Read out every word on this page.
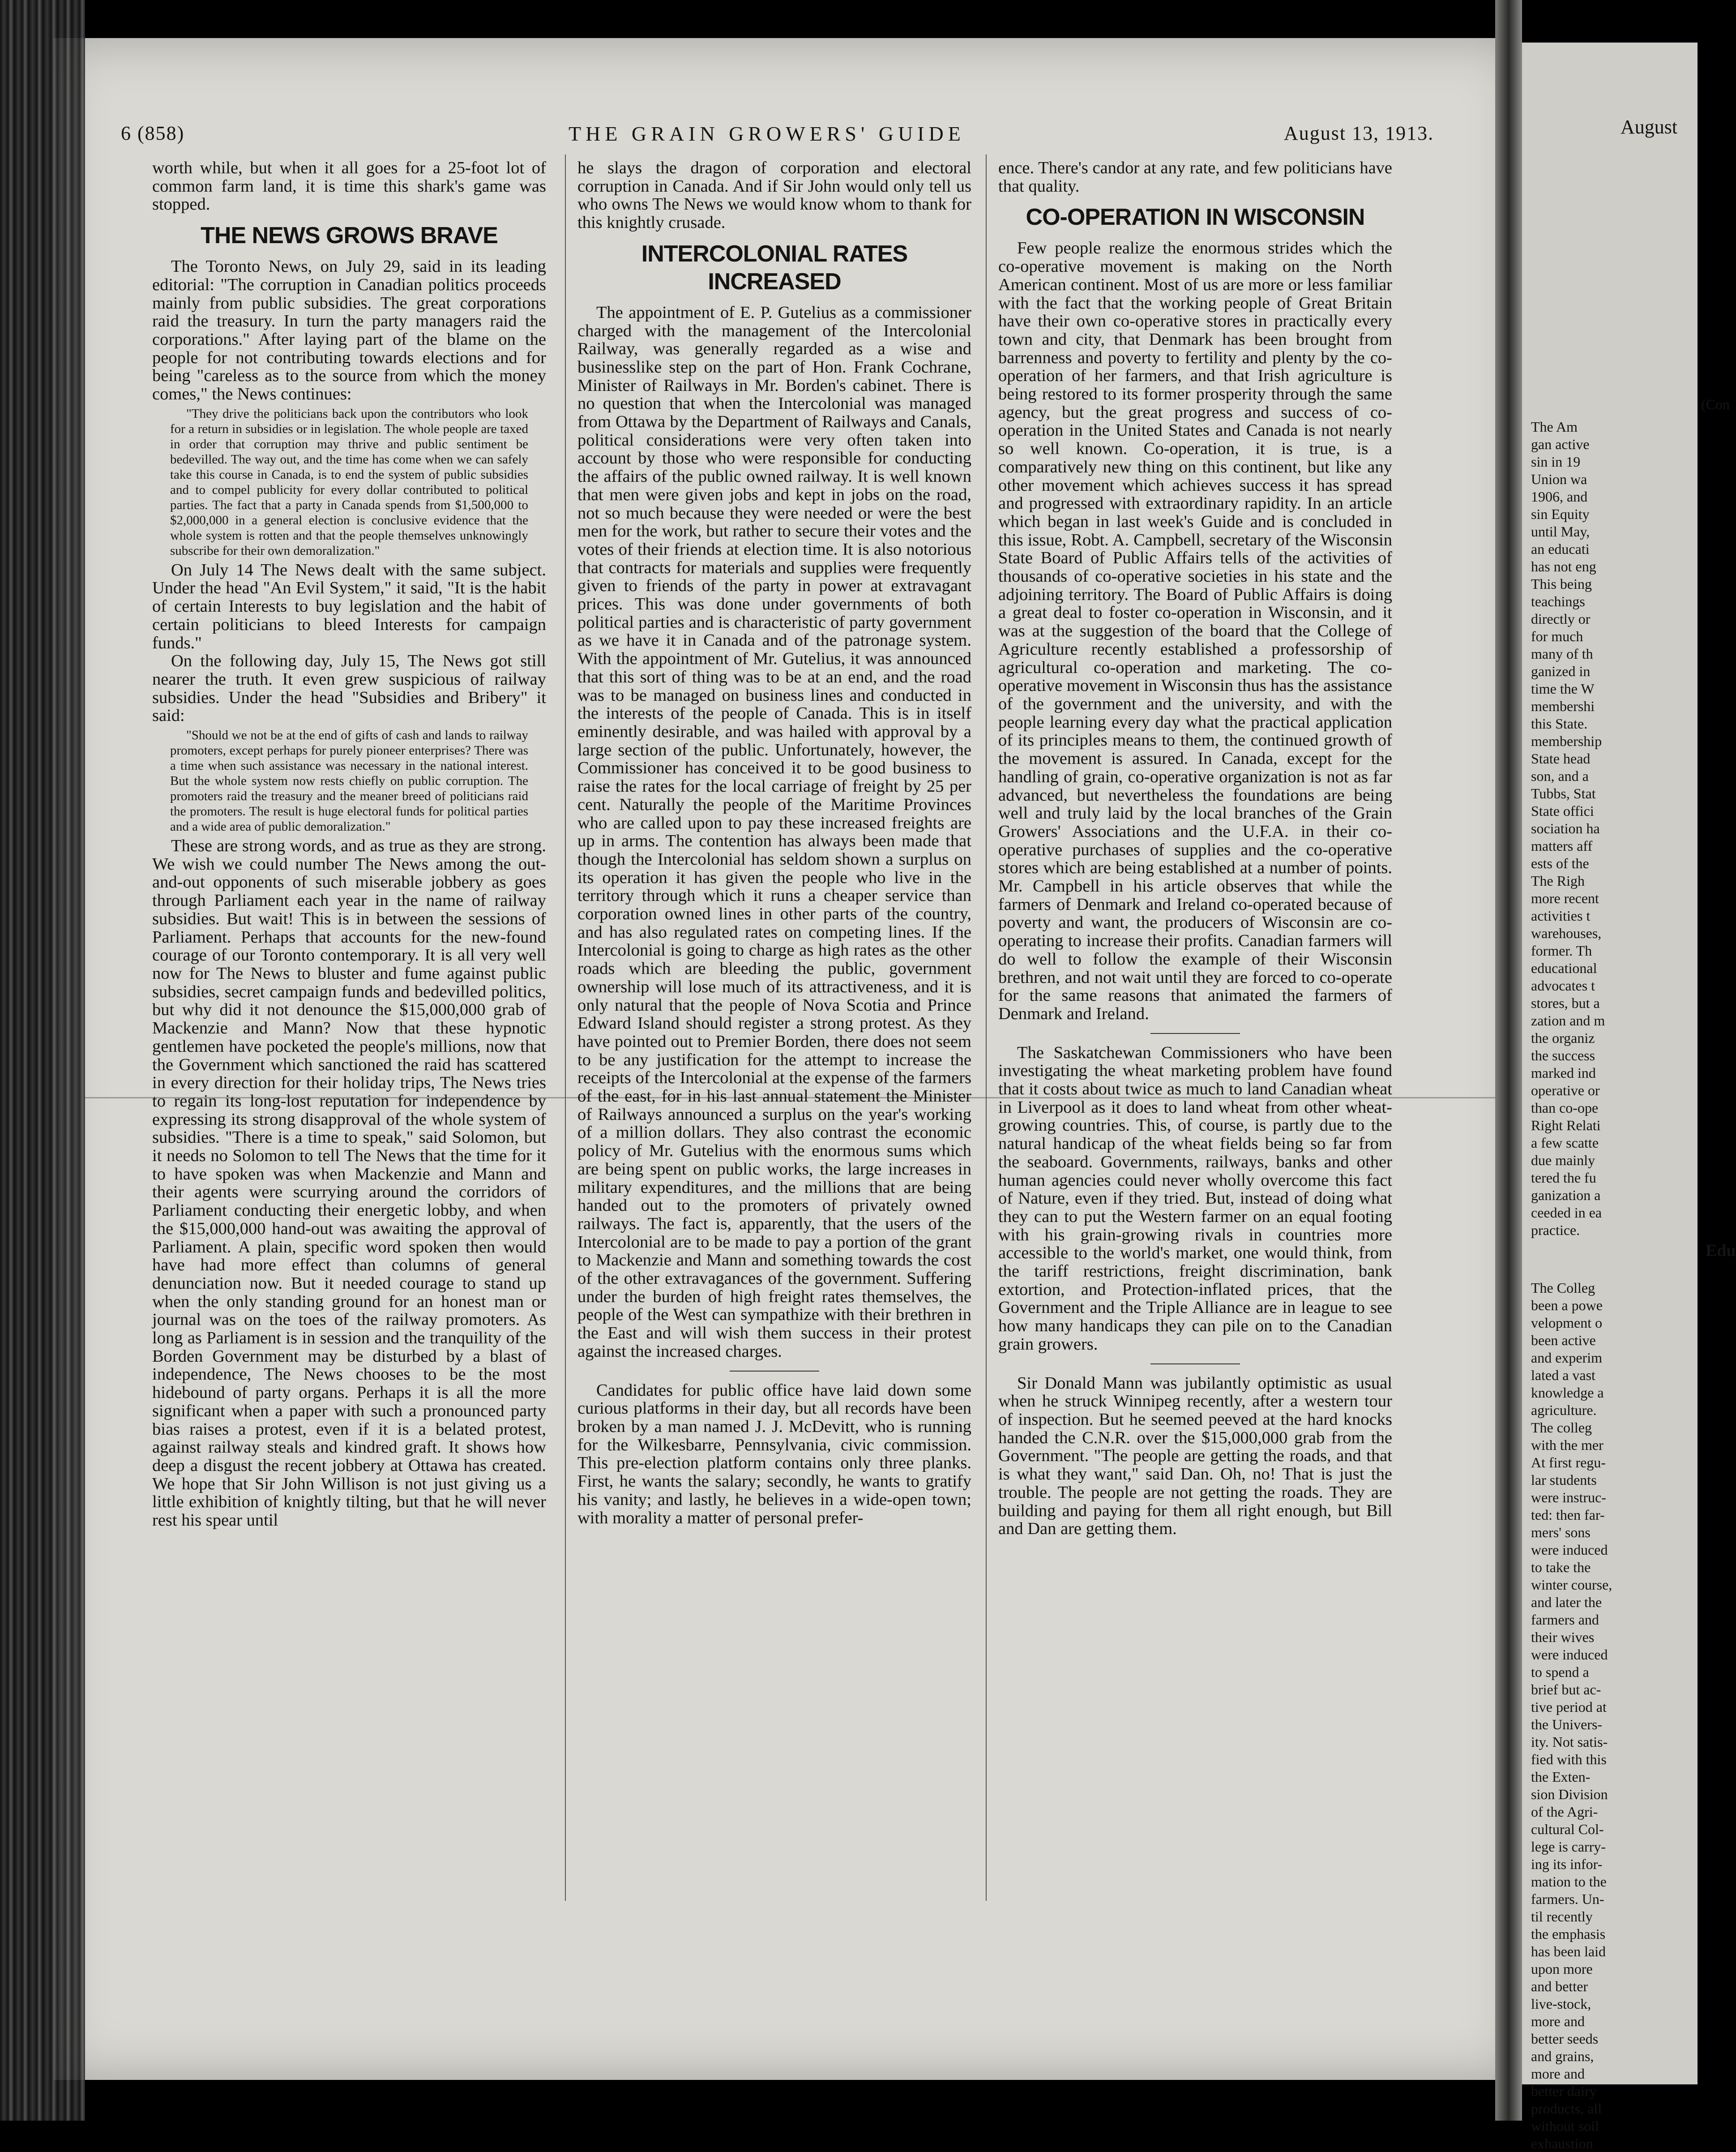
6 (858)	THE GRAIN GROWERS' GUIDE	August 13, 1913.

worth while, but when it all goes for a 25-foot lot of common farm land, it is time this shark's game was stopped.

THE NEWS GROWS BRAVE

The Toronto News, on July 29, said in its leading editorial: "The corruption in Canadian politics proceeds mainly from public subsidies. The great corporations raid the treasury. In turn the party managers raid the corporations." After laying part of the blame on the people for not contributing towards elections and for being "careless as to the source from which the money comes," the News continues:

"They drive the politicians back upon the contributors who look for a return in subsidies or in legislation. The whole people are taxed in order that corruption may thrive and public sentiment be bedevilled. The way out, and the time has come when we can safely take this course in Canada, is to end the system of public subsidies and to compel publicity for every dollar contributed to political parties. The fact that a party in Canada spends from $1,500,000 to $2,000,000 in a general election is conclusive evidence that the whole system is rotten and that the people themselves unknowingly subscribe for their own demoralization."

On July 14 The News dealt with the same subject. Under the head "An Evil System," it said, "It is the habit of certain Interests to buy legislation and the habit of certain politicians to bleed Interests for campaign funds."

On the following day, July 15, The News got still nearer the truth. It even grew suspicious of railway subsidies. Under the head "Subsidies and Bribery" it said:

"Should we not be at the end of gifts of cash and lands to railway promoters, except perhaps for purely pioneer enterprises? There was a time when such assistance was necessary in the national interest. But the whole system now rests chiefly on public corruption. The promoters raid the treasury and the meaner breed of politicians raid the promoters. The result is huge electoral funds for political parties and a wide area of public demoralization."

These are strong words, and as true as they are strong. We wish we could number The News among the out-and-out opponents of such miserable jobbery as goes through Parliament each year in the name of railway subsidies. But wait! This is in between the sessions of Parliament. Perhaps that accounts for the new-found courage of our Toronto contemporary. It is all very well now for The News to bluster and fume against public subsidies, secret campaign funds and bedevilled politics, but why did it not denounce the $15,000,000 grab of Mackenzie and Mann? Now that these hypnotic gentlemen have pocketed the people's millions, now that the Government which sanctioned the raid has scattered in every direction for their holiday trips, The News tries to regain its long-lost reputation for independence by expressing its strong disapproval of the whole system of subsidies. "There is a time to speak," said Solomon, but it needs no Solomon to tell The News that the time for it to have spoken was when Mackenzie and Mann and their agents were scurrying around the corridors of Parliament conducting their energetic lobby, and when the $15,000,000 hand-out was awaiting the approval of Parliament. A plain, specific word spoken then would have had more effect than columns of general denunciation now. But it needed courage to stand up when the only standing ground for an honest man or journal was on the toes of the railway promoters. As long as Parliament is in session and the tranquility of the Borden Government may be disturbed by a blast of independence, The News chooses to be the most hidebound of party organs. Perhaps it is all the more significant when a paper with such a pronounced party bias raises a protest, even if it is a belated protest, against railway steals and kindred graft. It shows how deep a disgust the recent jobbery at Ottawa has created. We hope that Sir John Willison is not just giving us a little exhibition of knightly tilting, but that he will never rest his spear until

he slays the dragon of corporation and electoral corruption in Canada. And if Sir John would only tell us who owns The News we would know whom to thank for this knightly crusade.

INTERCOLONIAL RATES INCREASED

The appointment of E. P. Gutelius as a commissioner charged with the management of the Intercolonial Railway, was generally regarded as a wise and businesslike step on the part of Hon. Frank Cochrane, Minister of Railways in Mr. Borden's cabinet. There is no question that when the Intercolonial was managed from Ottawa by the Department of Railways and Canals, political considerations were very often taken into account by those who were responsible for conducting the affairs of the public owned railway. It is well known that men were given jobs and kept in jobs on the road, not so much because they were needed or were the best men for the work, but rather to secure their votes and the votes of their friends at election time. It is also notorious that contracts for materials and supplies were frequently given to friends of the party in power at extravagant prices. This was done under governments of both political parties and is characteristic of party government as we have it in Canada and of the patronage system. With the appointment of Mr. Gutelius, it was announced that this sort of thing was to be at an end, and the road was to be managed on business lines and conducted in the interests of the people of Canada. This is in itself eminently desirable, and was hailed with approval by a large section of the public. Unfortunately, however, the Commissioner has conceived it to be good business to raise the rates for the local carriage of freight by 25 per cent. Naturally the people of the Maritime Provinces who are called upon to pay these increased freights are up in arms. The contention has always been made that though the Intercolonial has seldom shown a surplus on its operation it has given the people who live in the territory through which it runs a cheaper service than corporation owned lines in other parts of the country, and has also regulated rates on competing lines. If the Intercolonial is going to charge as high rates as the other roads which are bleeding the public, government ownership will lose much of its attractiveness, and it is only natural that the people of Nova Scotia and Prince Edward Island should register a strong protest. As they have pointed out to Premier Borden, there does not seem to be any justification for the attempt to increase the receipts of the Intercolonial at the expense of the farmers of the east, for in his last annual statement the Minister of Railways announced a surplus on the year's working of a million dollars. They also contrast the economic policy of Mr. Gutelius with the enormous sums which are being spent on public works, the large increases in military expenditures, and the millions that are being handed out to the promoters of privately owned railways. The fact is, apparently, that the users of the Intercolonial are to be made to pay a portion of the grant to Mackenzie and Mann and something towards the cost of the other extravagances of the government. Suffering under the burden of high freight rates themselves, the people of the West can sympathize with their brethren in the East and will wish them success in their protest against the increased charges.

Candidates for public office have laid down some curious platforms in their day, but all records have been broken by a man named J. J. McDevitt, who is running for the Wilkesbarre, Pennsylvania, civic commission. This pre-election platform contains only three planks. First, he wants the salary; secondly, he wants to gratify his vanity; and lastly, he believes in a wide-open town; with morality a matter of personal prefer-

ence. There's candor at any rate, and few politicians have that quality.

CO-OPERATION IN WISCONSIN

Few people realize the enormous strides which the co-operative movement is making on the North American continent. Most of us are more or less familiar with the fact that the working people of Great Britain have their own co-operative stores in practically every town and city, that Denmark has been brought from barrenness and poverty to fertility and plenty by the co-operation of her farmers, and that Irish agriculture is being restored to its former prosperity through the same agency, but the great progress and success of co-operation in the United States and Canada is not nearly so well known. Co-operation, it is true, is a comparatively new thing on this continent, but like any other movement which achieves success it has spread and progressed with extraordinary rapidity. In an article which began in last week's Guide and is concluded in this issue, Robt. A. Campbell, secretary of the Wisconsin State Board of Public Affairs tells of the activities of thousands of co-operative societies in his state and the adjoining territory. The Board of Public Affairs is doing a great deal to foster co-operation in Wisconsin, and it was at the suggestion of the board that the College of Agriculture recently established a professorship of agricultural co-operation and marketing. The co-operative movement in Wisconsin thus has the assistance of the government and the university, and with the people learning every day what the practical application of its principles means to them, the continued growth of the movement is assured. In Canada, except for the handling of grain, co-operative organization is not as far advanced, but nevertheless the foundations are being well and truly laid by the local branches of the Grain Growers' Associations and the U.F.A. in their co-operative purchases of supplies and the co-operative stores which are being established at a number of points. Mr. Campbell in his article observes that while the farmers of Denmark and Ireland co-operated because of poverty and want, the producers of Wisconsin are co-operating to increase their profits. Canadian farmers will do well to follow the example of their Wisconsin brethren, and not wait until they are forced to co-operate for the same reasons that animated the farmers of Denmark and Ireland.

The Saskatchewan Commissioners who have been investigating the wheat marketing problem have found that it costs about twice as much to land Canadian wheat in Liverpool as it does to land wheat from other wheat-growing countries. This, of course, is partly due to the natural handicap of the wheat fields being so far from the seaboard. Governments, railways, banks and other human agencies could never wholly overcome this fact of Nature, even if they tried. But, instead of doing what they can to put the Western farmer on an equal footing with his grain-growing rivals in countries more accessible to the world's market, one would think, from the tariff restrictions, freight discrimination, bank extortion, and Protection-inflated prices, that the Government and the Triple Alliance are in league to see how many handicaps they can pile on to the Canadian grain growers.

Sir Donald Mann was jubilantly optimistic as usual when he struck Winnipeg recently, after a western tour of inspection. But he seemed peeved at the hard knocks handed the C.N.R. over the $15,000,000 grab from the Government. "The people are getting the roads, and that is what they want," said Dan. Oh, no! That is just the trouble. The people are not getting the roads. They are building and paying for them all right enough, but Bill and Dan are getting them.

August
(Con
The Am
gan active
sin in 19
Union wa
1906, and
sin Equity
until May,
an educati
has not eng
This being
teachings
directly or
for much
many of th
ganized in
time the W
membershi
this State.
membership
State head
son, and a
Tubbs, Stat
State offici
sociation ha
matters aff
ests of the
The Righ
more recent
activities t
warehouses,
former. Th
educational
advocates t
stores, but a
zation and m
the organiz
the success
marked ind
operative or
than co-ope
Right Relati
a few scatte
due mainly
tered the fu
ganization a
ceeded in ea
practice.
The Colleg
been a powe
velopment o
been active
and experim
lated a vast
knowledge a
agriculture.
The colleg
with the mer
At first regu-
lar students
were instruc-
ted: then far-
mers' sons
were induced
to take the
winter course,
and later the
farmers and
their wives
were induced
to spend a
brief but ac-
tive period at
the Univers-
ity. Not satis-
fied with this
the Exten-
sion Division
of the Agri-
cultural Col-
lege is carry-
ing its infor-
mation to the
farmers. Un-
til recently
the emphasis
has been laid
upon more
and better
live-stock,
more and
better seeds
and grains,
more and
better dairy
products, all
without soil
exhaustion
Edu
